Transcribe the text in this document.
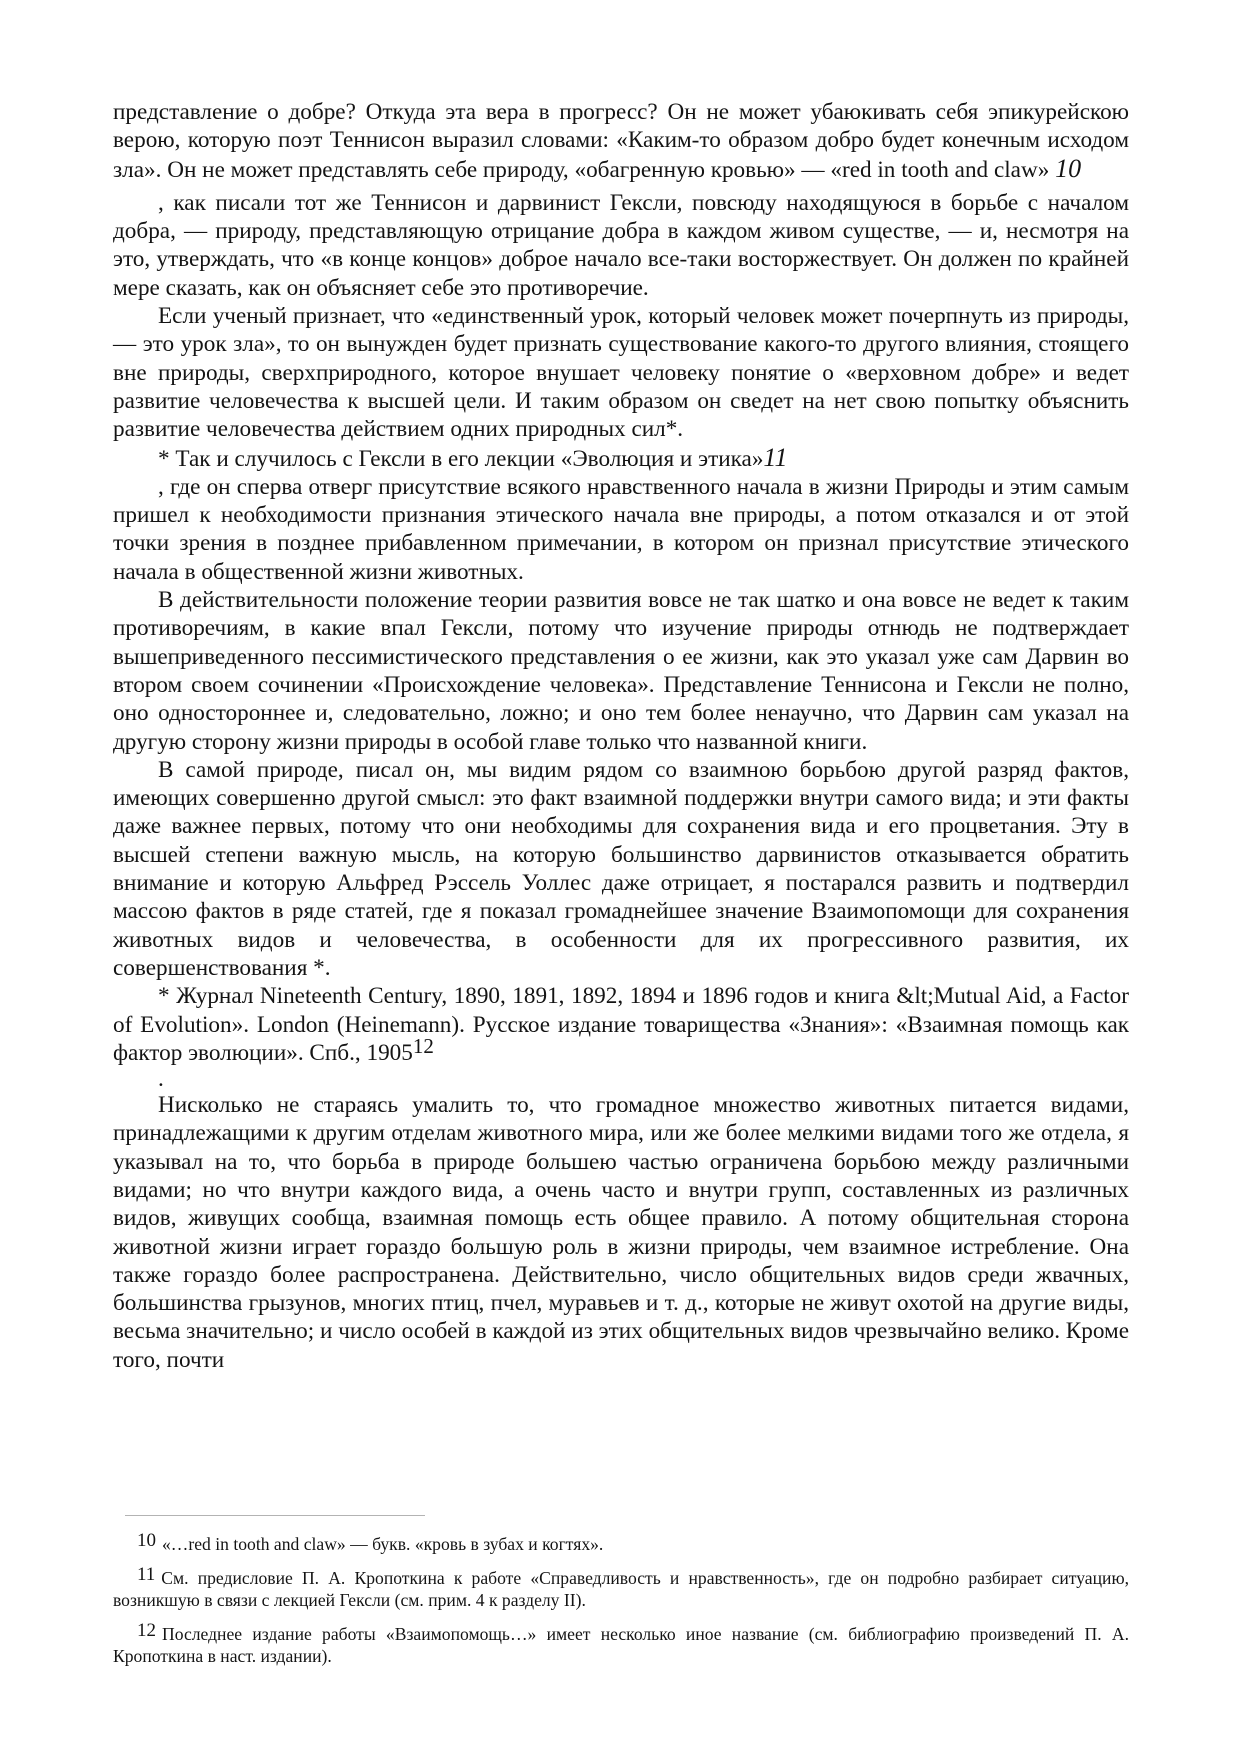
представление о добре? Откуда эта вера в прогресс? Он не может убаюкивать себя эпикурейскою верою, которую поэт Теннисон выразил словами: «Каким-то образом добро будет конечным исходом зла». Он не может представлять себе природу, «обагренную кровью» — «red in tooth and claw» 10

, как писали тот же Теннисон и дарвинист Гексли, повсюду находящуюся в борьбе с началом добра, — природу, представляющую отрицание добра в каждом живом существе, — и, несмотря на это, утверждать, что «в конце концов» доброе начало все-таки восторжествует. Он должен по крайней мере сказать, как он объясняет себе это противоречие.

Если ученый признает, что «единственный урок, который человек может почерпнуть из природы, — это урок зла», то он вынужден будет признать существование какого-то другого влияния, стоящего вне природы, сверхприродного, которое внушает человеку понятие о «верховном добре» и ведет развитие человечества к высшей цели. И таким образом он сведет на нет свою попытку объяснить развитие человечества действием одних природных сил*.

* Так и случилось с Гексли в его лекции «Эволюция и этика»11

, где он сперва отверг присутствие всякого нравственного начала в жизни Природы и этим самым пришел к необходимости признания этического начала вне природы, а потом отказался и от этой точки зрения в позднее прибавленном примечании, в котором он признал присутствие этического начала в общественной жизни животных.

В действительности положение теории развития вовсе не так шатко и она вовсе не ведет к таким противоречиям, в какие впал Гексли, потому что изучение природы отнюдь не подтверждает вышеприведенного пессимистического представления о ее жизни, как это указал уже сам Дарвин во втором своем сочинении «Происхождение человека». Представление Теннисона и Гексли не полно, оно одностороннее и, следовательно, ложно; и оно тем более ненаучно, что Дарвин сам указал на другую сторону жизни природы в особой главе только что названной книги.

В самой природе, писал он, мы видим рядом со взаимною борьбою другой разряд фактов, имеющих совершенно другой смысл: это факт взаимной поддержки внутри самого вида; и эти факты даже важнее первых, потому что они необходимы для сохранения вида и его процветания. Эту в высшей степени важную мысль, на которую большинство дарвинистов отказывается обратить внимание и которую Альфред Рэссель Уоллес даже отрицает, я постарался развить и подтвердил массою фактов в ряде статей, где я показал громаднейшее значение Взаимопомощи для сохранения животных видов и человечества, в особенности для их прогрессивного развития, их совершенствования *.

* Журнал Nineteenth Century, 1890, 1891, 1892, 1894 и 1896 годов и книга &lt;Mutual Aid, a Factor of Evolution». London (Heinemann). Русское издание товарищества «Знания»: «Взаимная помощь как фактор эволюции». Спб., 190512

.

Нисколько не стараясь умалить то, что громадное множество животных питается видами, принадлежащими к другим отделам животного мира, или же более мелкими видами того же отдела, я указывал на то, что борьба в природе большею частью ограничена борьбою между различными видами; но что внутри каждого вида, а очень часто и внутри групп, составленных из различных видов, живущих сообща, взаимная помощь есть общее правило. А потому общительная сторона животной жизни играет гораздо большую роль в жизни природы, чем взаимное истребление. Она также гораздо более распространена. Действительно, число общительных видов среди жвачных, большинства грызунов, многих птиц, пчел, муравьев и т. д., которые не живут охотой на другие виды, весьма значительно; и число особей в каждой из этих общительных видов чрезвычайно велико. Кроме того, почти

10 «…red in tooth and claw» — букв. «кровь в зубах и когтях».

11 См. предисловие П. А. Кропоткина к работе «Справедливость и нравственность», где он подробно разбирает ситуацию, возникшую в связи с лекцией Гексли (см. прим. 4 к разделу II).

12 Последнее издание работы «Взаимопомощь…» имеет несколько иное название (см. библиографию произведений П. А. Кропоткина в наст. издании).
